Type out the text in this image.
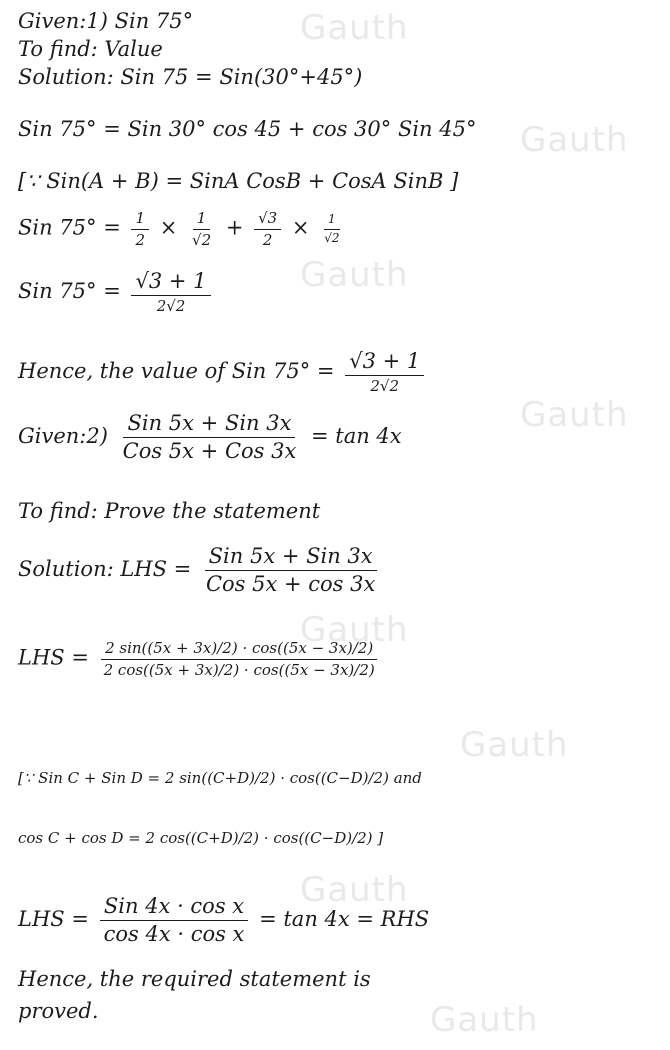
Gauth
Gauth
Gauth
Gauth
Gauth
Gauth
Gauth
Gauth
Given:1) Sin 75°
To find: Value
Solution: Sin 75 = Sin(30°+45°)
Sin 75° = Sin 30° cos 45 + cos 30° Sin 45°
[∵ Sin(A + B) = SinA CosB + CosA SinB ]
Sin $75^\circ = \frac{1}{2} \times \frac{1}{√2} + \frac{√3}{2} \times \frac{1}{√2}$
Sin $75^\circ = \frac{√3 + 1}{2√2}$
Hence, the value of Sin $75^\circ = \frac{√3 + 1}{2√2}$
Given:2) $\frac{\text{Sin 5x + Sin 3x}}{\text{Cos 5x + Cos 3x}} = \tan 4x$
To find: Prove the statement
Solution: LHS = $\frac{\text{Sin 5x + Sin 3x}}{\text{Cos 5x + cos 3x}}$
LHS = $\frac{2 \sin((5x + 3x)/2) \cdot \cos((5x - 3x)/2)}{2 \cos((5x + 3x)/2) \cdot \cos((5x - 3x)/2)}$
[∵ Sin C + Sin D = 2 sin((C+D)/2) · cos((C−D)/2) and
cos C + cos D = 2 cos((C+D)/2) · cos((C−D)/2) ]
LHS = $\frac{\text{Sin 4x · cos x}}{\text{cos 4x · cos x}} = \tan 4x$ = RHS
Hence, the required statement is
proved.
